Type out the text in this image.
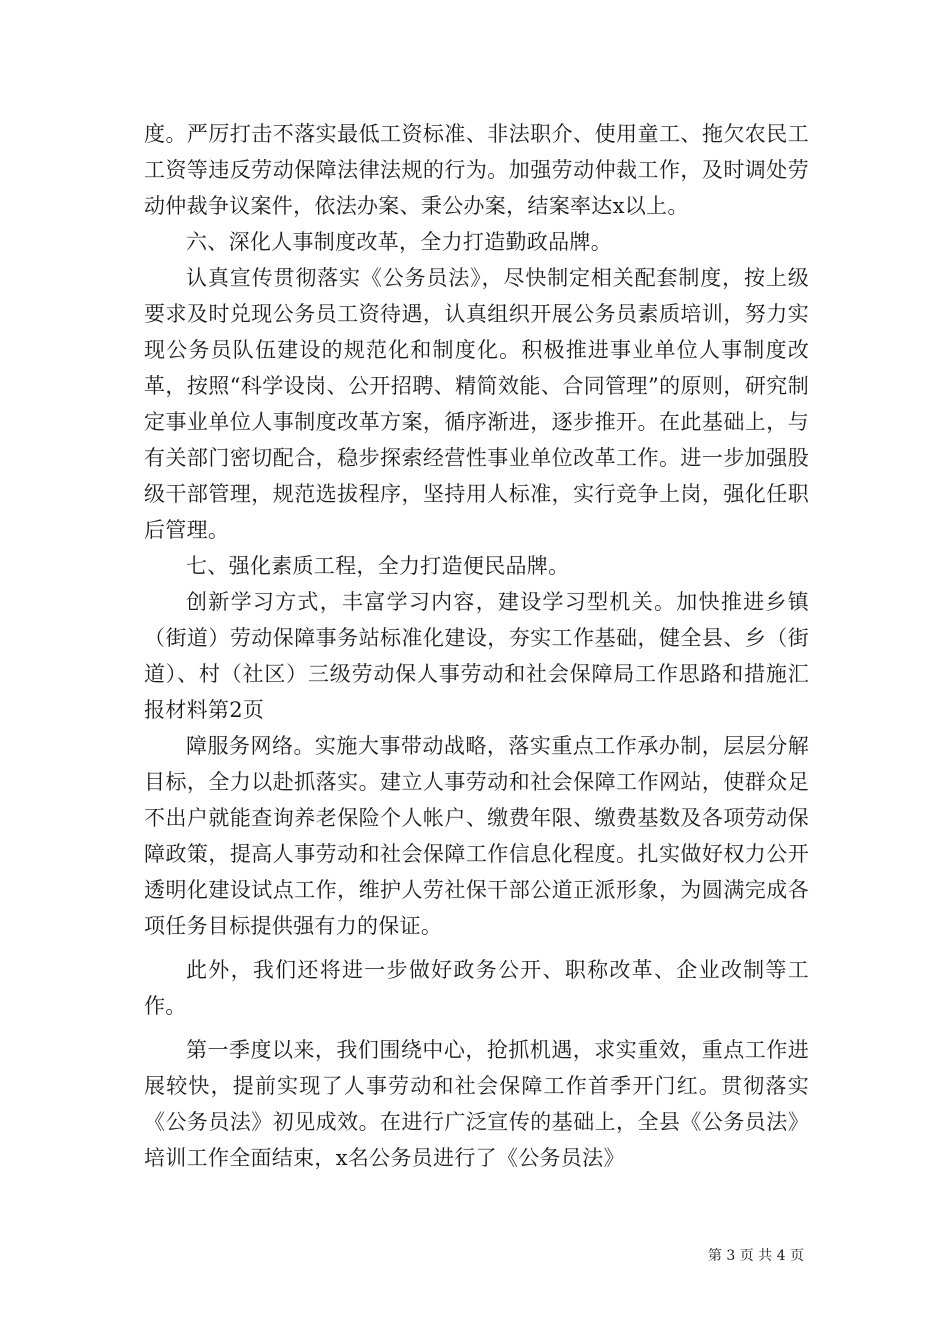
度。严厉打击不落实最低工资标准、非法职介、使用童工、拖欠农民工工资等违反劳动保障法律法规的行为。加强劳动仲裁工作，及时调处劳动仲裁争议案件，依法办案、秉公办案，结案率达x以上。

六、深化人事制度改革，全力打造勤政品牌。

认真宣传贯彻落实《公务员法》，尽快制定相关配套制度，按上级要求及时兑现公务员工资待遇，认真组织开展公务员素质培训，努力实现公务员队伍建设的规范化和制度化。积极推进事业单位人事制度改革，按照“科学设岗、公开招聘、精简效能、合同管理”的原则，研究制定事业单位人事制度改革方案，循序渐进，逐步推开。在此基础上，与有关部门密切配合，稳步探索经营性事业单位改革工作。进一步加强股级干部管理，规范选拔程序，坚持用人标准，实行竞争上岗，强化任职后管理。

七、强化素质工程，全力打造便民品牌。

创新学习方式，丰富学习内容，建设学习型机关。加快推进乡镇（街道）劳动保障事务站标准化建设，夯实工作基础，健全县、乡（街道）、村（社区）三级劳动保人事劳动和社会保障局工作思路和措施汇报材料第2页

障服务网络。实施大事带动战略，落实重点工作承办制，层层分解目标，全力以赴抓落实。建立人事劳动和社会保障工作网站，使群众足不出户就能查询养老保险个人帐户、缴费年限、缴费基数及各项劳动保障政策，提高人事劳动和社会保障工作信息化程度。扎实做好权力公开透明化建设试点工作，维护人劳社保干部公道正派形象，为圆满完成各项任务目标提供强有力的保证。

此外，我们还将进一步做好政务公开、职称改革、企业改制等工作。

第一季度以来，我们围绕中心，抢抓机遇，求实重效，重点工作进展较快，提前实现了人事劳动和社会保障工作首季开门红。贯彻落实《公务员法》初见成效。在进行广泛宣传的基础上，全县《公务员法》培训工作全面结束，x名公务员进行了《公务员法》

第 3 页 共 4 页
